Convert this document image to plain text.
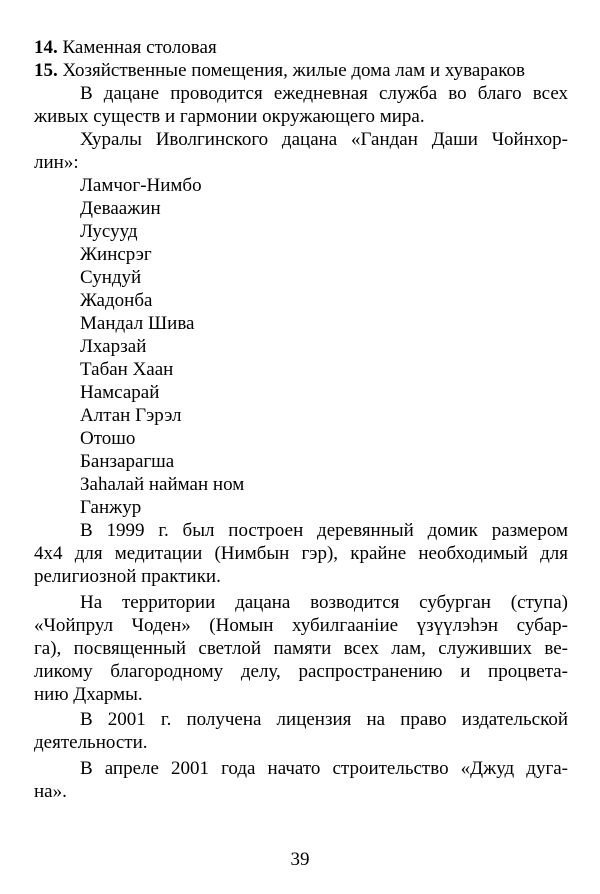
14. Каменная столовая
15. Хозяйственные помещения, жилые дома лам и хувараков
В дацане проводится ежедневная служба во благо всех
живых существ и гармонии окружающего мира.
Хуралы Иволгинского дацана «Гандан Даши Чойнхор-
лин»:
Ламчог-Нимбо
Деваажин
Лусууд
Жинсрэг
Сундуй
Жадонба
Мандал Шива
Лхарзай
Табан Хаан
Намсарай
Алтан Гэрэл
Отошо
Банзарагша
Заhалай найман ном
Ганжур
В 1999 г. был построен деревянный домик размером
4х4 для медитации (Нимбын гэр), крайне необходимый для
религиозной практики.
На территории дацана возводится субурган (ступа)
«Чойпрул Чоден» (Номын хубилгаанiие үзүүлэhэн субар-
га), посвященный светлой памяти всех лам, служивших ве-
ликому благородному делу, распространению и процвета-
нию Дхармы.
В 2001 г. получена лицензия на право издательской
деятельности.
В апреле 2001 года начато строительство «Джуд дуга-
на».
39
